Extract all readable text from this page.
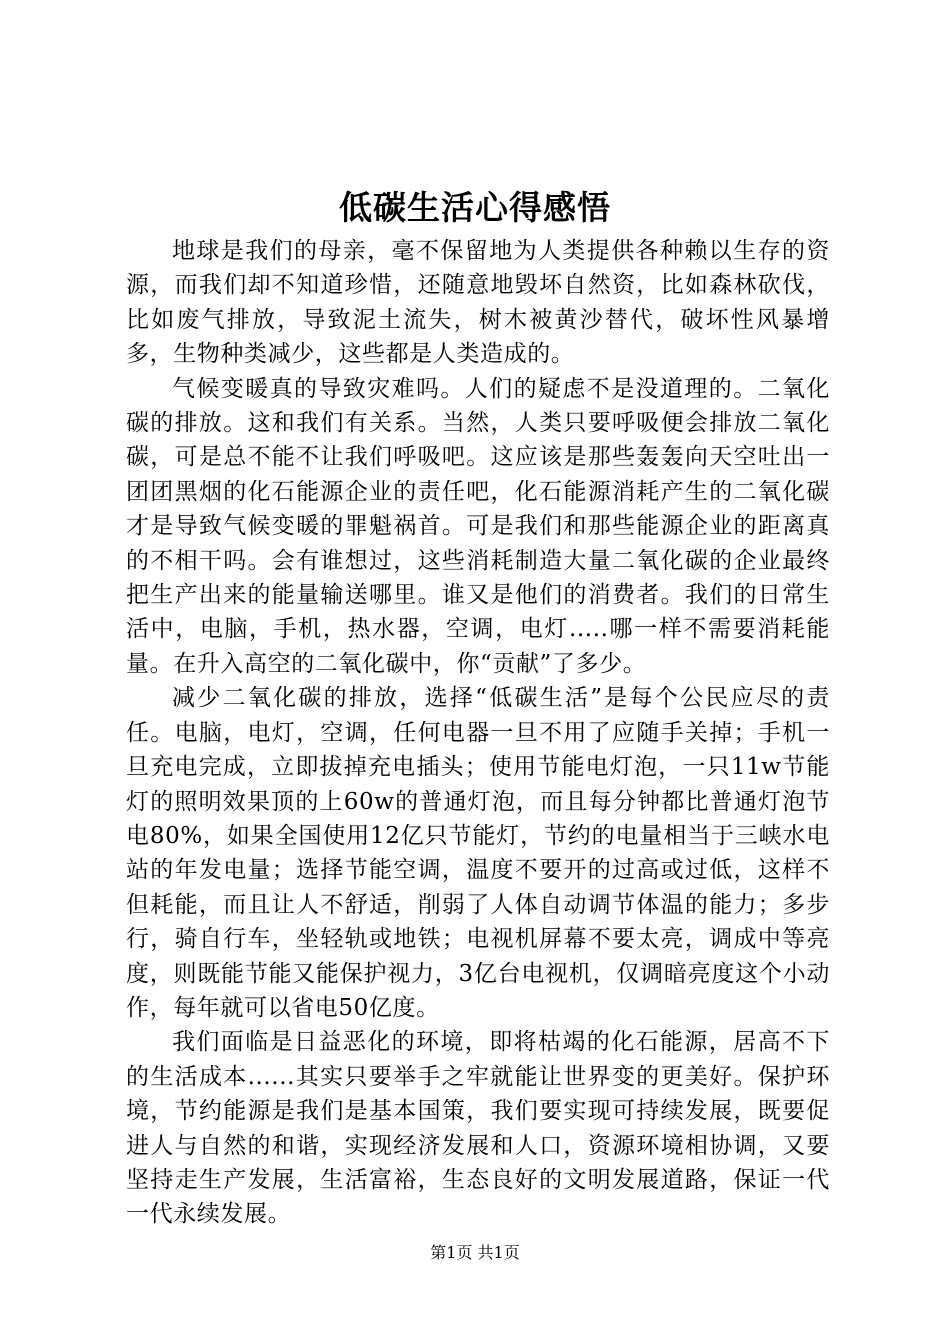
低碳生活心得感悟

地球是我们的母亲，毫不保留地为人类提供各种赖以生存的资源，而我们却不知道珍惜，还随意地毁坏自然资，比如森林砍伐，比如废气排放，导致泥土流失，树木被黄沙替代，破坏性风暴增多，生物种类减少，这些都是人类造成的。

气候变暖真的导致灾难吗。人们的疑虑不是没道理的。二氧化碳的排放。这和我们有关系。当然，人类只要呼吸便会排放二氧化碳，可是总不能不让我们呼吸吧。这应该是那些轰轰向天空吐出一团团黑烟的化石能源企业的责任吧，化石能源消耗产生的二氧化碳才是导致气候变暖的罪魁祸首。可是我们和那些能源企业的距离真的不相干吗。会有谁想过，这些消耗制造大量二氧化碳的企业最终把生产出来的能量输送哪里。谁又是他们的消费者。我们的日常生活中，电脑，手机，热水器，空调，电灯.....哪一样不需要消耗能量。在升入高空的二氧化碳中，你“贡献”了多少。

减少二氧化碳的排放，选择“低碳生活”是每个公民应尽的责任。电脑，电灯，空调，任何电器一旦不用了应随手关掉；手机一旦充电完成，立即拔掉充电插头；使用节能电灯泡，一只11w节能灯的照明效果顶的上60w的普通灯泡，而且每分钟都比普通灯泡节电80%，如果全国使用12亿只节能灯，节约的电量相当于三峡水电站的年发电量；选择节能空调，温度不要开的过高或过低，这样不但耗能，而且让人不舒适，削弱了人体自动调节体温的能力；多步行，骑自行车，坐轻轨或地铁；电视机屏幕不要太亮，调成中等亮度，则既能节能又能保护视力，3亿台电视机，仅调暗亮度这个小动作，每年就可以省电50亿度。

我们面临是日益恶化的环境，即将枯竭的化石能源，居高不下的生活成本......其实只要举手之牢就能让世界变的更美好。保护环境，节约能源是我们是基本国策，我们要实现可持续发展，既要促进人与自然的和谐，实现经济发展和人口，资源环境相协调，又要坚持走生产发展，生活富裕，生态良好的文明发展道路，保证一代一代永续发展。

第1页 共1页
